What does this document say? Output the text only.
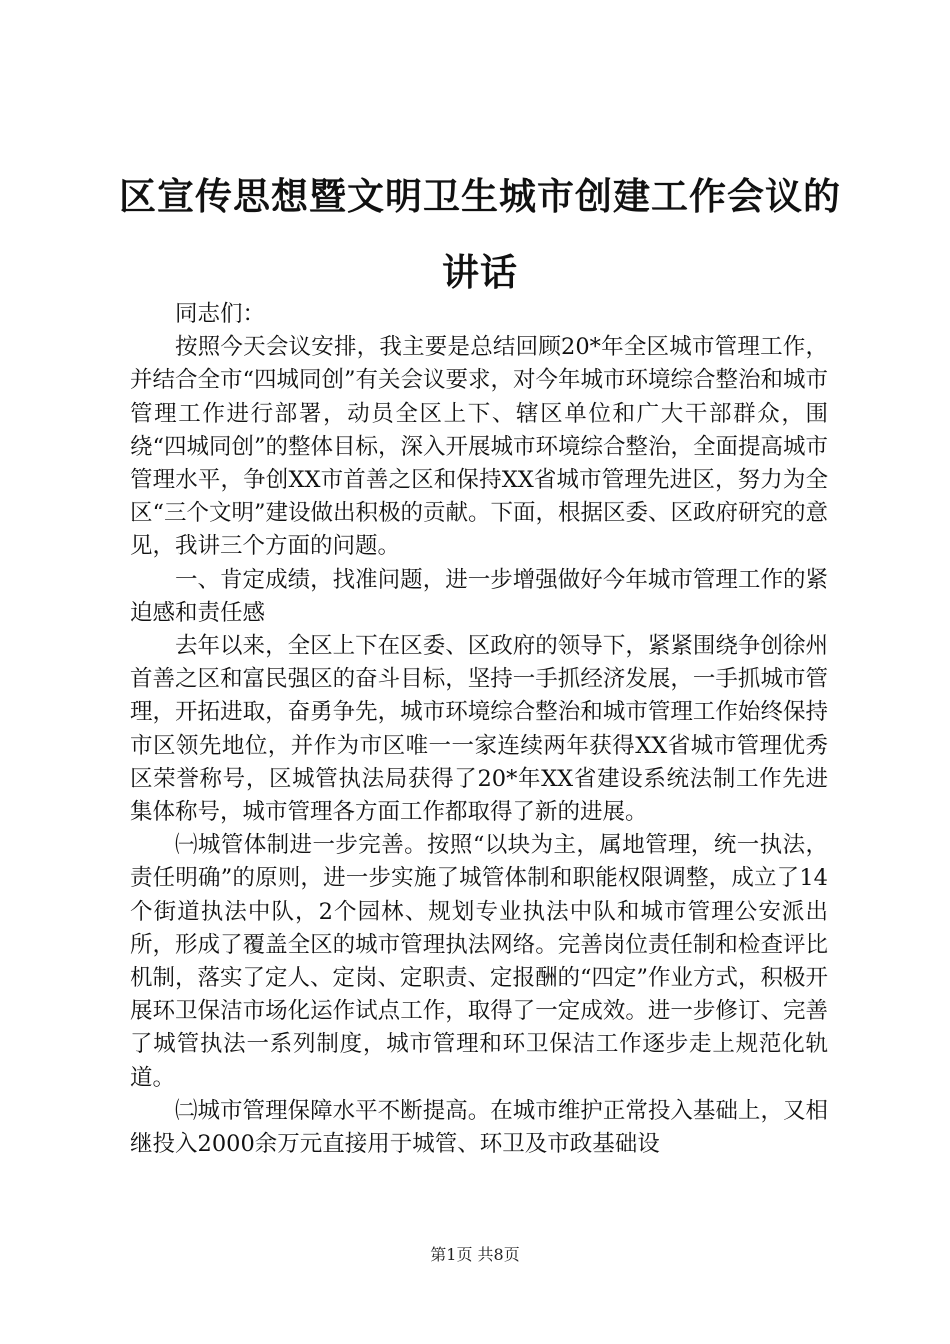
区宣传思想暨文明卫生城市创建工作会议的讲话

同志们：

按照今天会议安排，我主要是总结回顾20*年全区城市管理工作，并结合全市“四城同创”有关会议要求，对今年城市环境综合整治和城市管理工作进行部署，动员全区上下、辖区单位和广大干部群众，围绕“四城同创”的整体目标，深入开展城市环境综合整治，全面提高城市管理水平，争创XX市首善之区和保持XX省城市管理先进区，努力为全区“三个文明”建设做出积极的贡献。下面，根据区委、区政府研究的意见，我讲三个方面的问题。

一、肯定成绩，找准问题，进一步增强做好今年城市管理工作的紧迫感和责任感

去年以来，全区上下在区委、区政府的领导下，紧紧围绕争创徐州首善之区和富民强区的奋斗目标，坚持一手抓经济发展，一手抓城市管理，开拓进取，奋勇争先，城市环境综合整治和城市管理工作始终保持市区领先地位，并作为市区唯一一家连续两年获得XX省城市管理优秀区荣誉称号，区城管执法局获得了20*年XX省建设系统法制工作先进集体称号，城市管理各方面工作都取得了新的进展。

㈠城管体制进一步完善。按照“以块为主，属地管理，统一执法，责任明确”的原则，进一步实施了城管体制和职能权限调整，成立了14个街道执法中队，2个园林、规划专业执法中队和城市管理公安派出所，形成了覆盖全区的城市管理执法网络。完善岗位责任制和检查评比机制，落实了定人、定岗、定职责、定报酬的“四定”作业方式，积极开展环卫保洁市场化运作试点工作，取得了一定成效。进一步修订、完善了城管执法一系列制度，城市管理和环卫保洁工作逐步走上规范化轨道。

㈡城市管理保障水平不断提高。在城市维护正常投入基础上，又相继投入2000余万元直接用于城管、环卫及市政基础设

第1页 共8页
